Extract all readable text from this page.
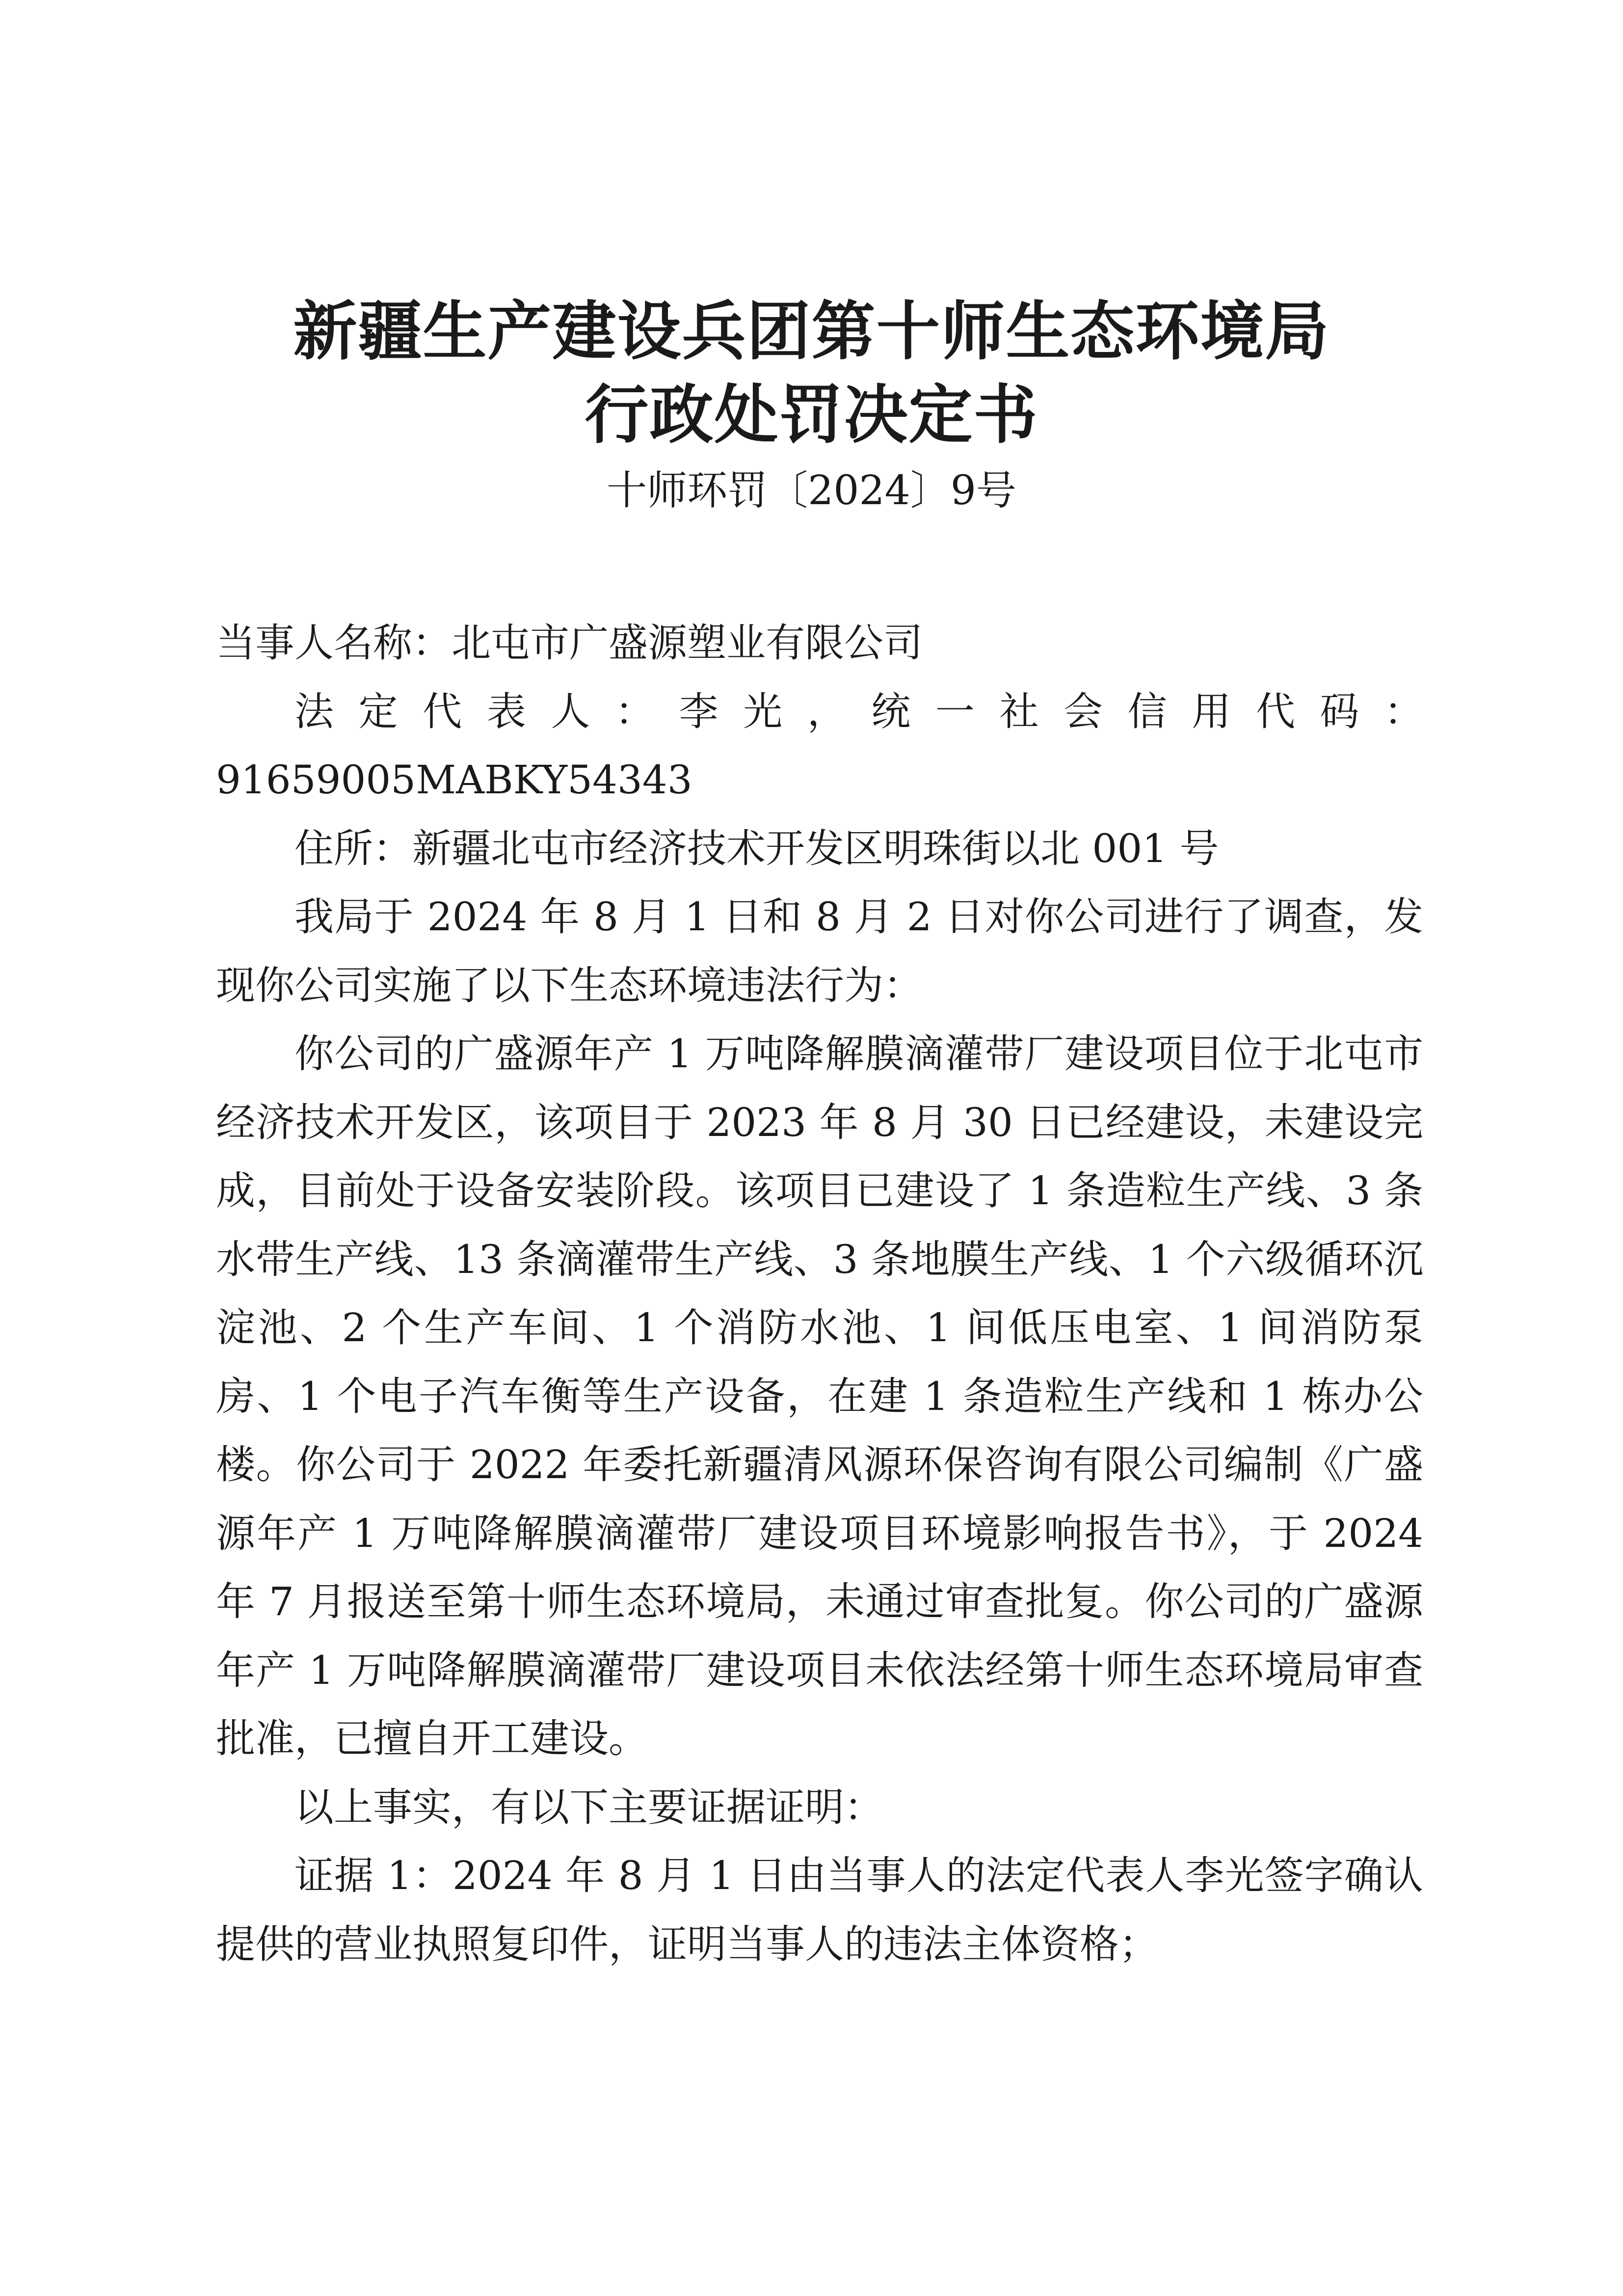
新疆生产建设兵团第十师生态环境局
行政处罚决定书
十师环罚〔2024〕9号

当事人名称：北屯市广盛源塑业有限公司

法定代表人：李光，统一社会信用代码：91659005MABKY54343

住所：新疆北屯市经济技术开发区明珠街以北 001 号

我局于 2024 年 8 月 1 日和 8 月 2 日对你公司进行了调查，发现你公司实施了以下生态环境违法行为：

你公司的广盛源年产 1 万吨降解膜滴灌带厂建设项目位于北屯市经济技术开发区，该项目于 2023 年 8 月 30 日已经建设，未建设完成，目前处于设备安装阶段。该项目已建设了 1 条造粒生产线、3 条水带生产线、13 条滴灌带生产线、3 条地膜生产线、1 个六级循环沉淀池、2 个生产车间、1 个消防水池、1 间低压电室、1 间消防泵房、1 个电子汽车衡等生产设备，在建 1 条造粒生产线和 1 栋办公楼。你公司于 2022 年委托新疆清风源环保咨询有限公司编制《广盛源年产 1 万吨降解膜滴灌带厂建设项目环境影响报告书》，于 2024 年 7 月报送至第十师生态环境局，未通过审查批复。你公司的广盛源年产 1 万吨降解膜滴灌带厂建设项目未依法经第十师生态环境局审查批准，已擅自开工建设。

以上事实，有以下主要证据证明：

证据 1：2024 年 8 月 1 日由当事人的法定代表人李光签字确认提供的营业执照复印件，证明当事人的违法主体资格；
